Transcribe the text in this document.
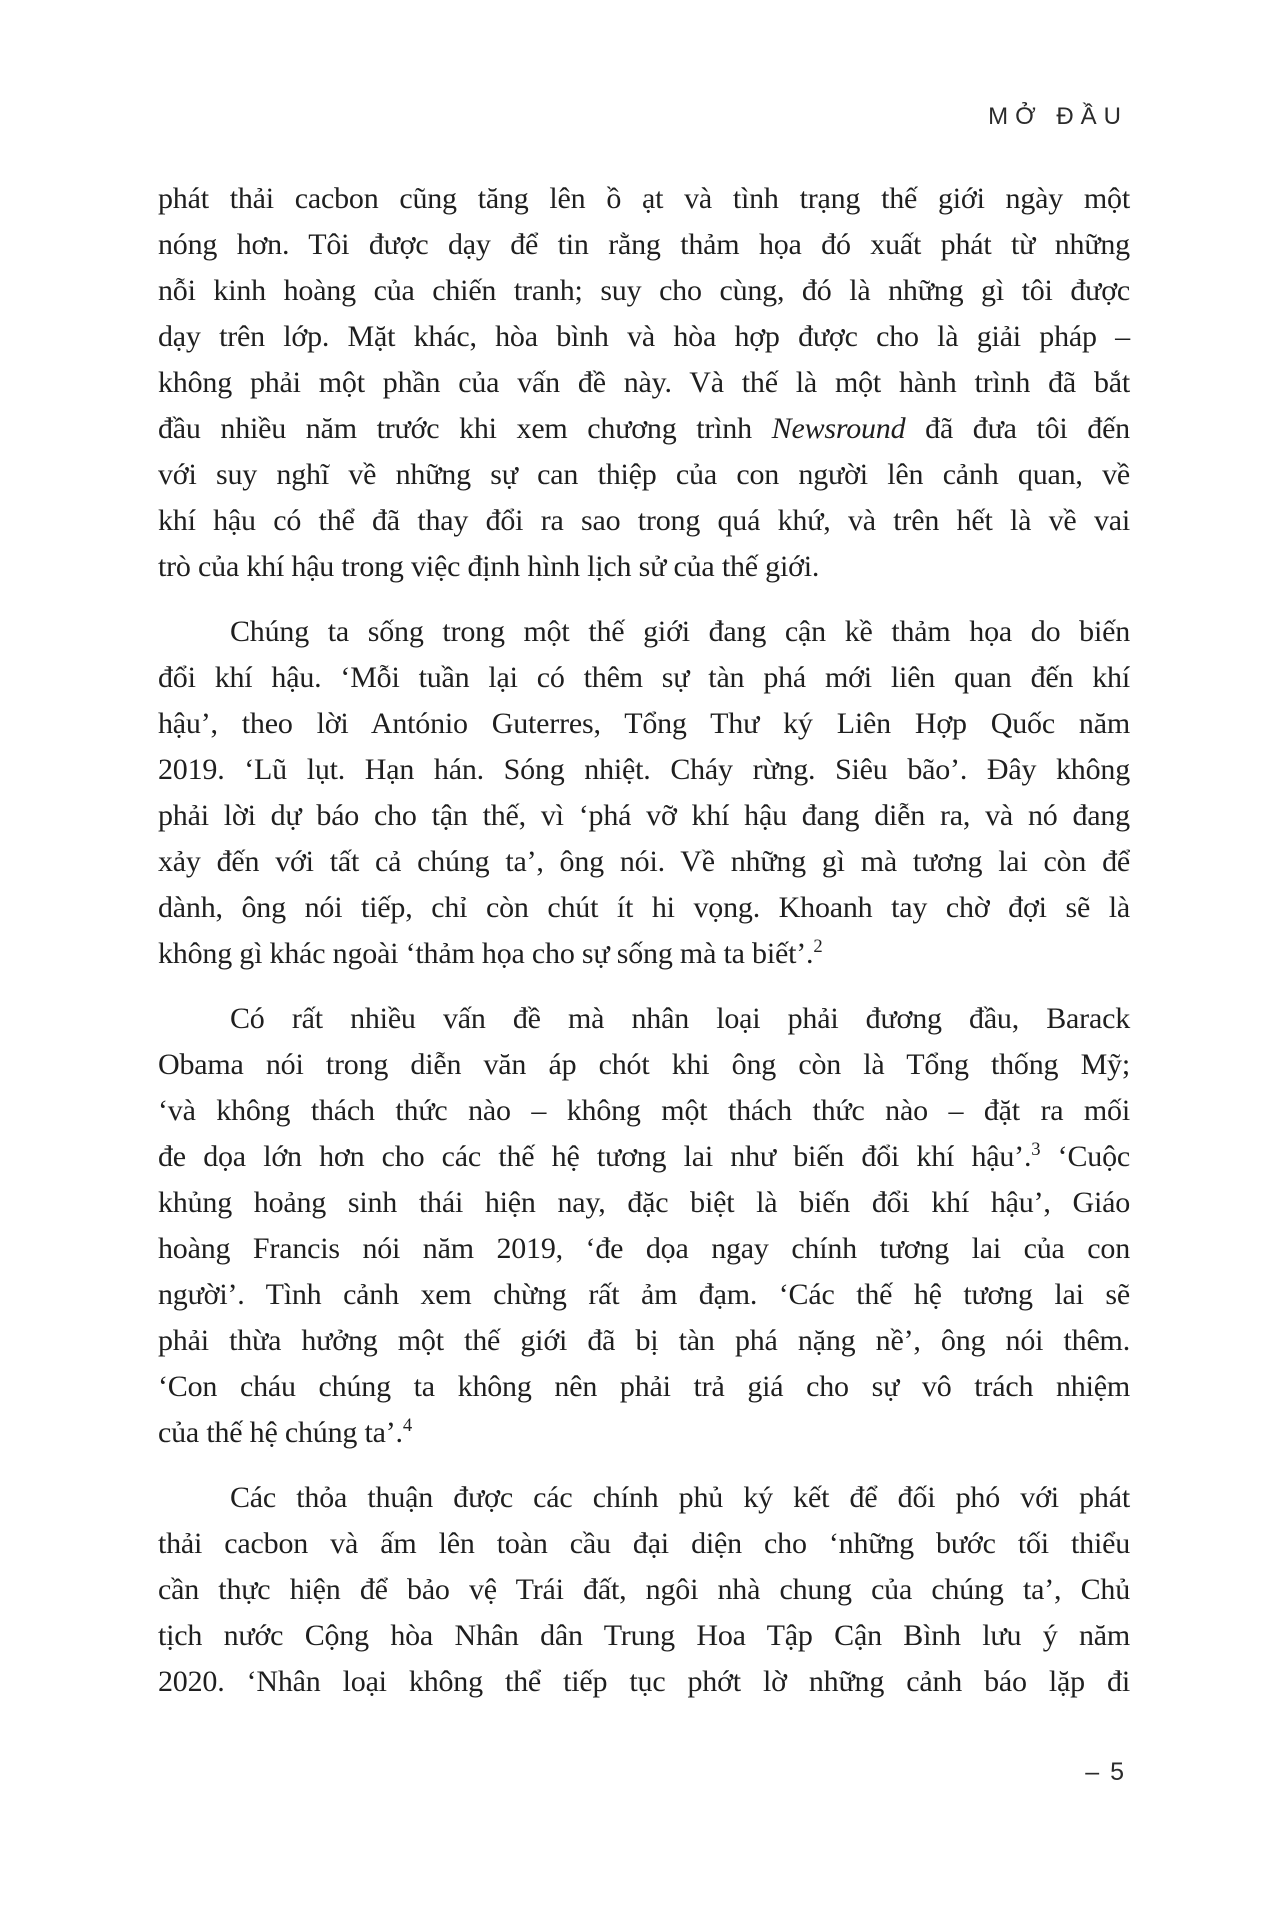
MỞ ĐẦU
phát thải cacbon cũng tăng lên ồ ạt và tình trạng thế giới ngày một
nóng hơn. Tôi được dạy để tin rằng thảm họa đó xuất phát từ những
nỗi kinh hoàng của chiến tranh; suy cho cùng, đó là những gì tôi được
dạy trên lớp. Mặt khác, hòa bình và hòa hợp được cho là giải pháp –
không phải một phần của vấn đề này. Và thế là một hành trình đã bắt
đầu nhiều năm trước khi xem chương trình Newsround đã đưa tôi đến
với suy nghĩ về những sự can thiệp của con người lên cảnh quan, về
khí hậu có thể đã thay đổi ra sao trong quá khứ, và trên hết là về vai
trò của khí hậu trong việc định hình lịch sử của thế giới.
Chúng ta sống trong một thế giới đang cận kề thảm họa do biến
đổi khí hậu. ‘Mỗi tuần lại có thêm sự tàn phá mới liên quan đến khí
hậu’, theo lời António Guterres, Tổng Thư ký Liên Hợp Quốc năm
2019. ‘Lũ lụt. Hạn hán. Sóng nhiệt. Cháy rừng. Siêu bão’. Đây không
phải lời dự báo cho tận thế, vì ‘phá vỡ khí hậu đang diễn ra, và nó đang
xảy đến với tất cả chúng ta’, ông nói. Về những gì mà tương lai còn để
dành, ông nói tiếp, chỉ còn chút ít hi vọng. Khoanh tay chờ đợi sẽ là
không gì khác ngoài ‘thảm họa cho sự sống mà ta biết’.$^2$
Có rất nhiều vấn đề mà nhân loại phải đương đầu, Barack
Obama nói trong diễn văn áp chót khi ông còn là Tổng thống Mỹ;
‘và không thách thức nào – không một thách thức nào – đặt ra mối
đe dọa lớn hơn cho các thế hệ tương lai như biến đổi khí hậu’.$^3$ ‘Cuộc
khủng hoảng sinh thái hiện nay, đặc biệt là biến đổi khí hậu’, Giáo
hoàng Francis nói năm 2019, ‘đe dọa ngay chính tương lai của con
người’. Tình cảnh xem chừng rất ảm đạm. ‘Các thế hệ tương lai sẽ
phải thừa hưởng một thế giới đã bị tàn phá nặng nề’, ông nói thêm.
‘Con cháu chúng ta không nên phải trả giá cho sự vô trách nhiệm
của thế hệ chúng ta’.$^4$
Các thỏa thuận được các chính phủ ký kết để đối phó với phát
thải cacbon và ấm lên toàn cầu đại diện cho ‘những bước tối thiểu
cần thực hiện để bảo vệ Trái đất, ngôi nhà chung của chúng ta’, Chủ
tịch nước Cộng hòa Nhân dân Trung Hoa Tập Cận Bình lưu ý năm
2020. ‘Nhân loại không thể tiếp tục phớt lờ những cảnh báo lặp đi
– 5
